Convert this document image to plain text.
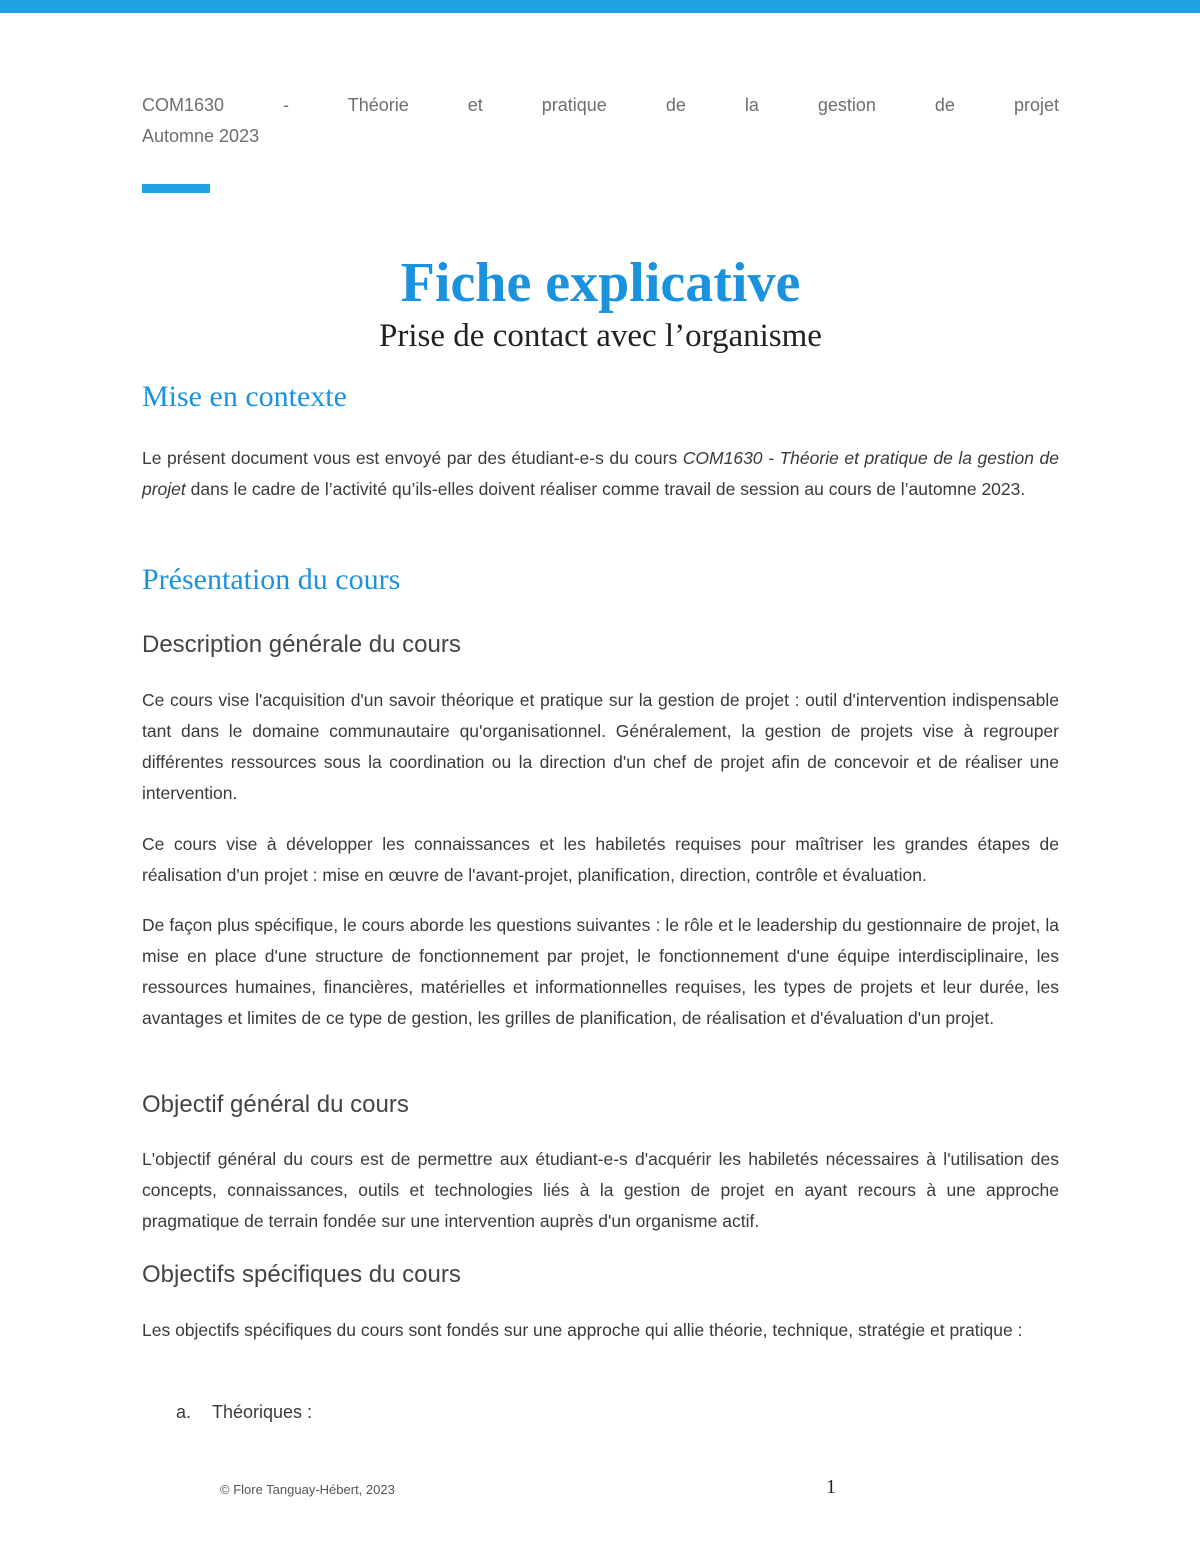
COM1630	-	Théorie	et	pratique	de	la	gestion	de	projet
Automne 2023
Fiche explicative
Prise de contact avec l’organisme
Mise en contexte
Le présent document vous est envoyé par des étudiant-e-s du cours COM1630 - Théorie et pratique de la gestion de projet dans le cadre de l’activité qu’ils-elles doivent réaliser comme travail de session au cours de l’automne 2023.
Présentation du cours
Description générale du cours
Ce cours vise l'acquisition d'un savoir théorique et pratique sur la gestion de projet : outil d'intervention indispensable tant dans le domaine communautaire qu'organisationnel. Généralement, la gestion de projets vise à regrouper différentes ressources sous la coordination ou la direction d'un chef de projet afin de concevoir et de réaliser une intervention.
Ce cours vise à développer les connaissances et les habiletés requises pour maîtriser les grandes étapes de réalisation d'un projet : mise en œuvre de l'avant-projet, planification, direction, contrôle et évaluation.
De façon plus spécifique, le cours aborde les questions suivantes : le rôle et le leadership du gestionnaire de projet, la mise en place d'une structure de fonctionnement par projet, le fonctionnement d'une équipe interdisciplinaire, les ressources humaines, financières, matérielles et informationnelles requises, les types de projets et leur durée, les avantages et limites de ce type de gestion, les grilles de planification, de réalisation et d'évaluation d'un projet.
Objectif général du cours
L'objectif général du cours est de permettre aux étudiant-e-s d'acquérir les habiletés nécessaires à l'utilisation des concepts, connaissances, outils et technologies liés à la gestion de projet en ayant recours à une approche pragmatique de terrain fondée sur une intervention auprès d'un organisme actif.
Objectifs spécifiques du cours
Les objectifs spécifiques du cours sont fondés sur une approche qui allie théorie, technique, stratégie et pratique :
a. Théoriques :
© Flore Tanguay-Hébert, 2023	1
